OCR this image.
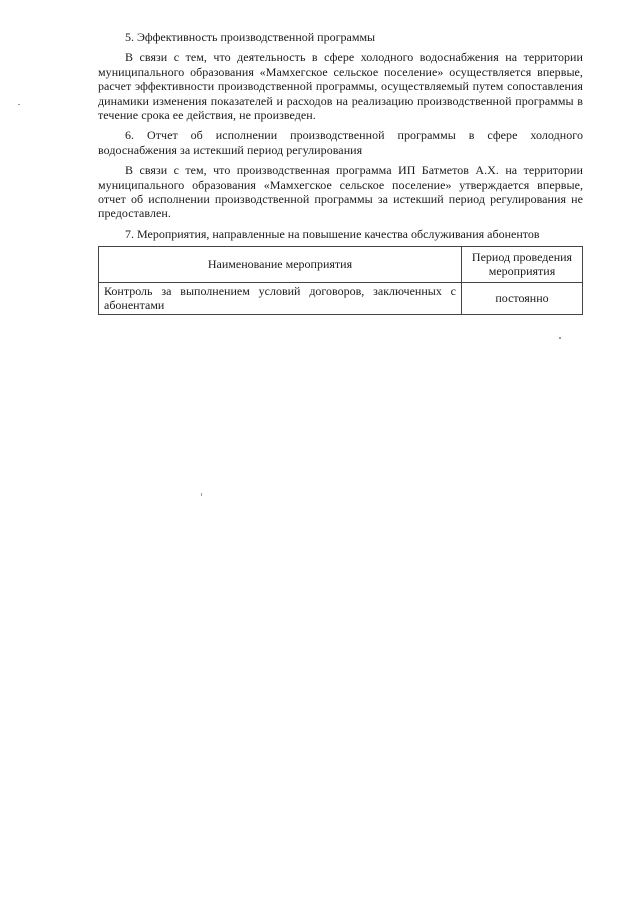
5. Эффективность производственной программы

В связи с тем, что деятельность в сфере холодного водоснабжения на территории муниципального образования «Мамхегское сельское поселение» осуществляется впервые, расчет эффективности производственной программы, осуществляемый путем сопоставления динамики изменения показателей и расходов на реализацию производственной программы в течение срока ее действия, не произведен.

6. Отчет об исполнении производственной программы в сфере холодного водоснабжения за истекший период регулирования

В связи с тем, что производственная программа ИП Батметов А.Х. на территории муниципального образования «Мамхегское сельское поселение» утверждается впервые, отчет об исполнении производственной программы за истекший период регулирования не предоставлен.

7. Мероприятия, направленные на повышение качества обслуживания абонентов

Наименование мероприятия	Период проведения мероприятия
Контроль за выполнением условий договоров, заключенных с абонентами	постоянно
